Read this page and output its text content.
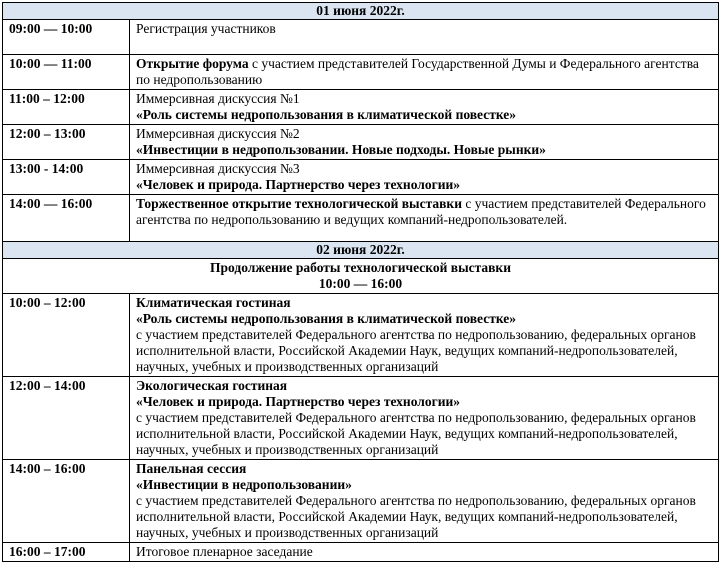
01 июня 2022г.	
09:00 — 10:00	Регистрация участников
10:00 — 11:00	Открытие форума с участием представителей Государственной Думы и Федерального агентства по недропользованию
11:00 – 12:00	Иммерсивная дискуссия №1
«Роль системы недропользования в климатической повестке»

12:00 – 13:00	Иммерсивная дискуссия №2
«Инвестиции в недропользовании. Новые подходы. Новые рынки»

13:00 - 14:00	Иммерсивная дискуссия №3
«Человек и природа. Партнерство через технологии»

14:00 — 16:00	Торжественное открытие технологической выставки с участием представителей Федерального агентства по недропользованию и ведущих компаний-недропользователей.
02 июня 2022г.	

Продолжение работы технологической выставки
10:00 — 16:00	

10:00 – 12:00	Климатическая гостиная
«Роль системы недропользования в климатической повестке»
с участием представителей Федерального агентства по недропользованию, федеральных органов исполнительной власти, Российской Академии Наук, ведущих компаний-недропользователей, научных, учебных и производственных организаций

12:00 – 14:00	Экологическая гостиная
«Человек и природа. Партнерство через технологии»
с участием представителей Федерального агентства по недропользованию, федеральных органов исполнительной власти, Российской Академии Наук, ведущих компаний-недропользователей, научных, учебных и производственных организаций

14:00 – 16:00	Панельная сессия
«Инвестиции в недропользовании»
с участием представителей Федерального агентства по недропользованию, федеральных органов исполнительной власти, Российской Академии Наук, ведущих компаний-недропользователей, научных, учебных и производственных организаций

16:00 – 17:00	Итоговое пленарное заседание
